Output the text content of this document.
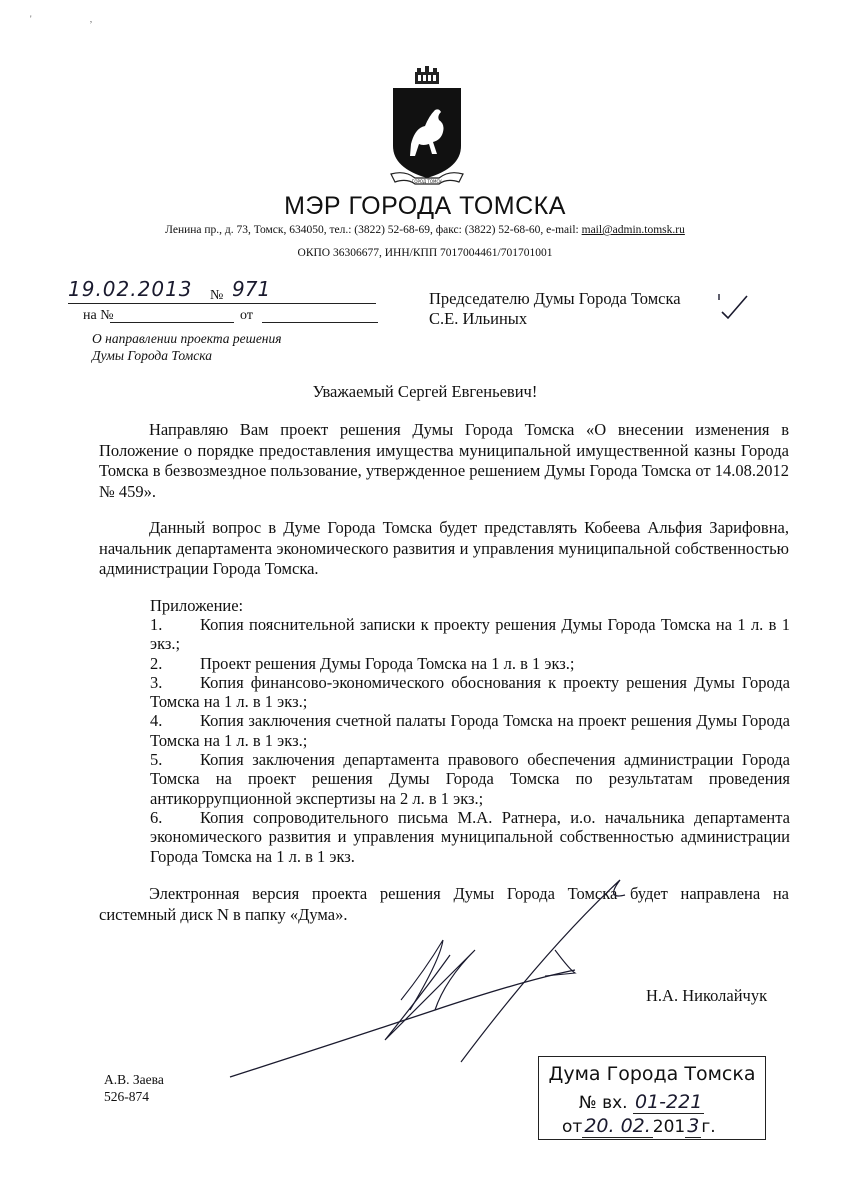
' ,
ГОРОД ТОМСК
МЭР ГОРОДА ТОМСКА
Ленина пр., д. 73, Томск, 634050, тел.: (3822) 52-68-69, факс: (3822) 52-68-60, e-mail: mail@admin.tomsk.ru
ОКПО 36306677, ИНН/КПП 7017004461/701701001
19.02.2013 № 971
на №	от
О направлении проекта решения
Думы Города Томска
Председателю Думы Города Томска
С.Е. Ильиных
Уважаемый Сергей Евгеньевич!
Направляю Вам проект решения Думы Города Томска «О внесении изменения в Положение о порядке предоставления имущества муниципальной имущественной казны Города Томска в безвозмездное пользование, утвержденное решением Думы Города Томска от 14.08.2012 № 459».
Данный вопрос в Думе Города Томска будет представлять Кобеева Альфия Зарифовна, начальник департамента экономического развития и управления муниципальной собственностью администрации Города Томска.
Приложение:
1. Копия пояснительной записки к проекту решения Думы Города Томска на 1 л. в 1 экз.;
2. Проект решения Думы Города Томска на 1 л. в 1 экз.;
3. Копия финансово-экономического обоснования к проекту решения Думы Города Томска на 1 л. в 1 экз.;
4. Копия заключения счетной палаты Города Томска на проект решения Думы Города Томска на 1 л. в 1 экз.;
5. Копия заключения департамента правового обеспечения администрации Города Томска на проект решения Думы Города Томска по результатам проведения антикоррупционной экспертизы на 2 л. в 1 экз.;
6. Копия сопроводительного письма М.А. Ратнера, и.о. начальника департамента экономического развития и управления муниципальной собственностью администрации Города Томска на 1 л. в 1 экз.
Электронная версия проекта решения Думы Города Томска будет направлена на системный диск N в папку «Дума».
Н.А. Николайчук
А.В. Заева
526-874
Дума Города Томска
№ вх. 01-221
от 20. 02. 201 3 г.
